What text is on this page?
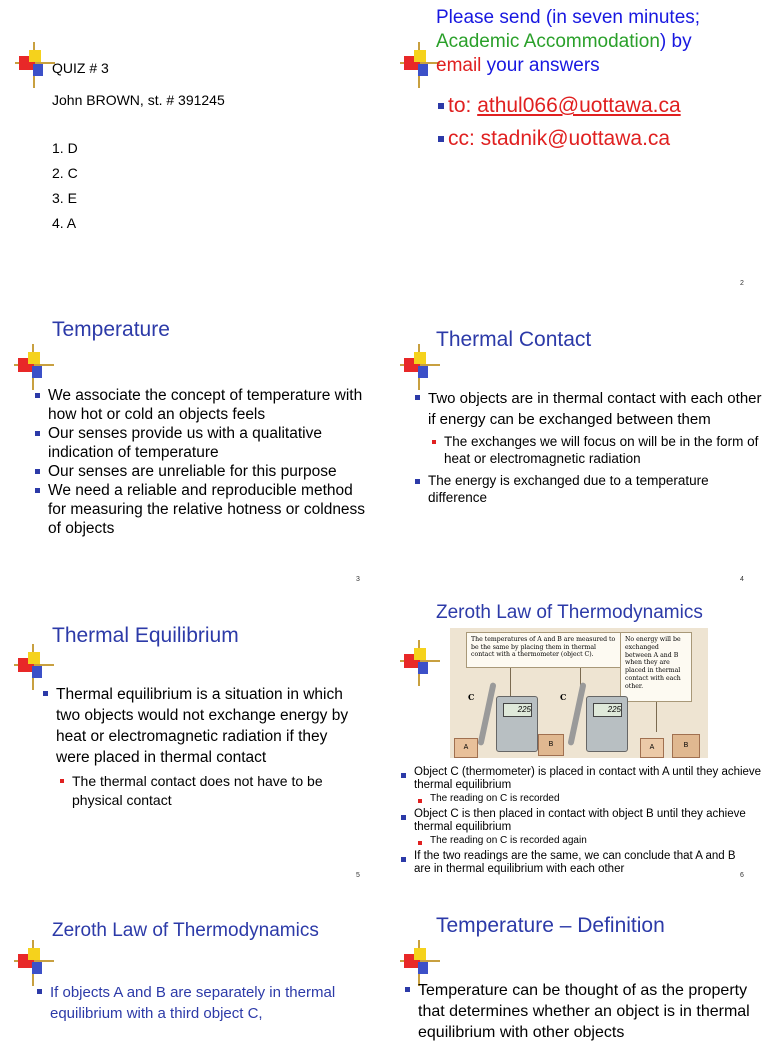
QUIZ # 3
John BROWN, st. # 391245
1. D
2. C
3. E
4. A
Please send (in seven minutes;
Academic Accommodation) by
email your answers
to: athul066@uottawa.ca
cc: stadnik@uottawa.ca
2
Temperature
We associate the concept of temperature with how hot or cold an objects feels
Our senses provide us with a qualitative indication of temperature
Our senses are unreliable for this purpose
We need a reliable and reproducible method for measuring the relative hotness or coldness of objects
3
Thermal Contact
Two objects are in thermal contact with each other if energy can be exchanged between them
The exchanges we will focus on will be in the form of heat or electromagnetic radiation
The energy is exchanged due to a temperature difference
4
Thermal Equilibrium
Thermal equilibrium is a situation in which two objects would not exchange energy by heat or electromagnetic radiation if they were placed in thermal contact
The thermal contact does not have to be physical contact
5
Zeroth Law of Thermodynamics
6
The temperatures of A and B are measured to be the same by placing them in thermal contact with a thermometer (object C).
No energy will be exchanged between A and B when they are placed in thermal contact with each other.
C
225
A
C
225
B	A	B
Object C (thermometer) is placed in contact with A until they achieve thermal equilibrium
The reading on C is recorded
Object C is then placed in contact with object B until they achieve thermal equilibrium
The reading on C is recorded again
If the two readings are the same, we can conclude that A and B are in thermal equilibrium with each other
Zeroth Law of Thermodynamics
If objects A and B are separately in thermal equilibrium with a third object C,
Temperature – Definition
Temperature can be thought of as the property that determines whether an object is in thermal equilibrium with other objects
